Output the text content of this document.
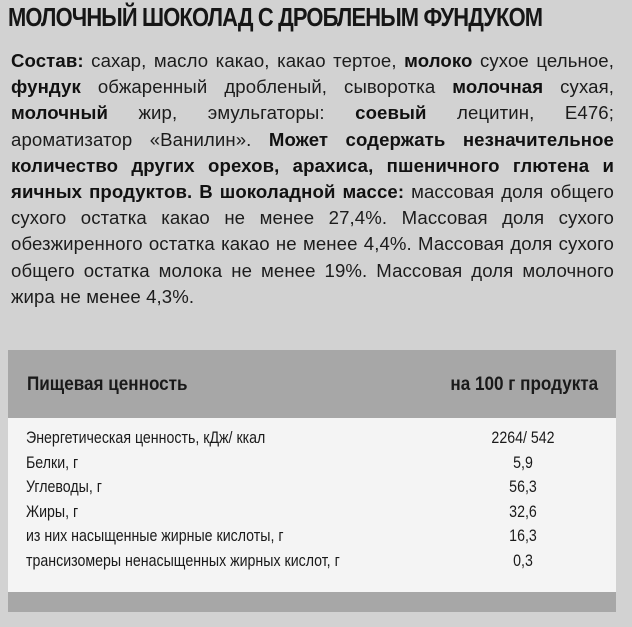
МОЛОЧНЫЙ ШОКОЛАД С ДРОБЛЕНЫМ ФУНДУКОМ
Состав: сахар, масло какао, какао тертое, молоко сухое цельное, фундук обжаренный дробленый, сыворотка молочная сухая, молочный жир, эмульгаторы: соевый лецитин, Е476; ароматизатор «Ванилин». Может содержать незначительное количество других орехов, арахиса, пшеничного глютена и яичных продуктов. В шоколадной массе: массовая доля общего сухого остатка какао не менее 27,4%. Массовая доля сухого обезжиренного остатка какао не менее 4,4%. Массовая доля сухого общего остатка молока не менее 19%. Массовая доля молочного жира не менее 4,3%.
Пищевая ценность	на 100 г продукта
Энергетическая ценность, кДж/ ккал	2264/ 542
Белки, г	5,9
Углеводы, г	56,3
Жиры, г	32,6
из них насыщенные жирные кислоты, г	16,3
трансизомеры ненасыщенных жирных кислот, г	0,3
